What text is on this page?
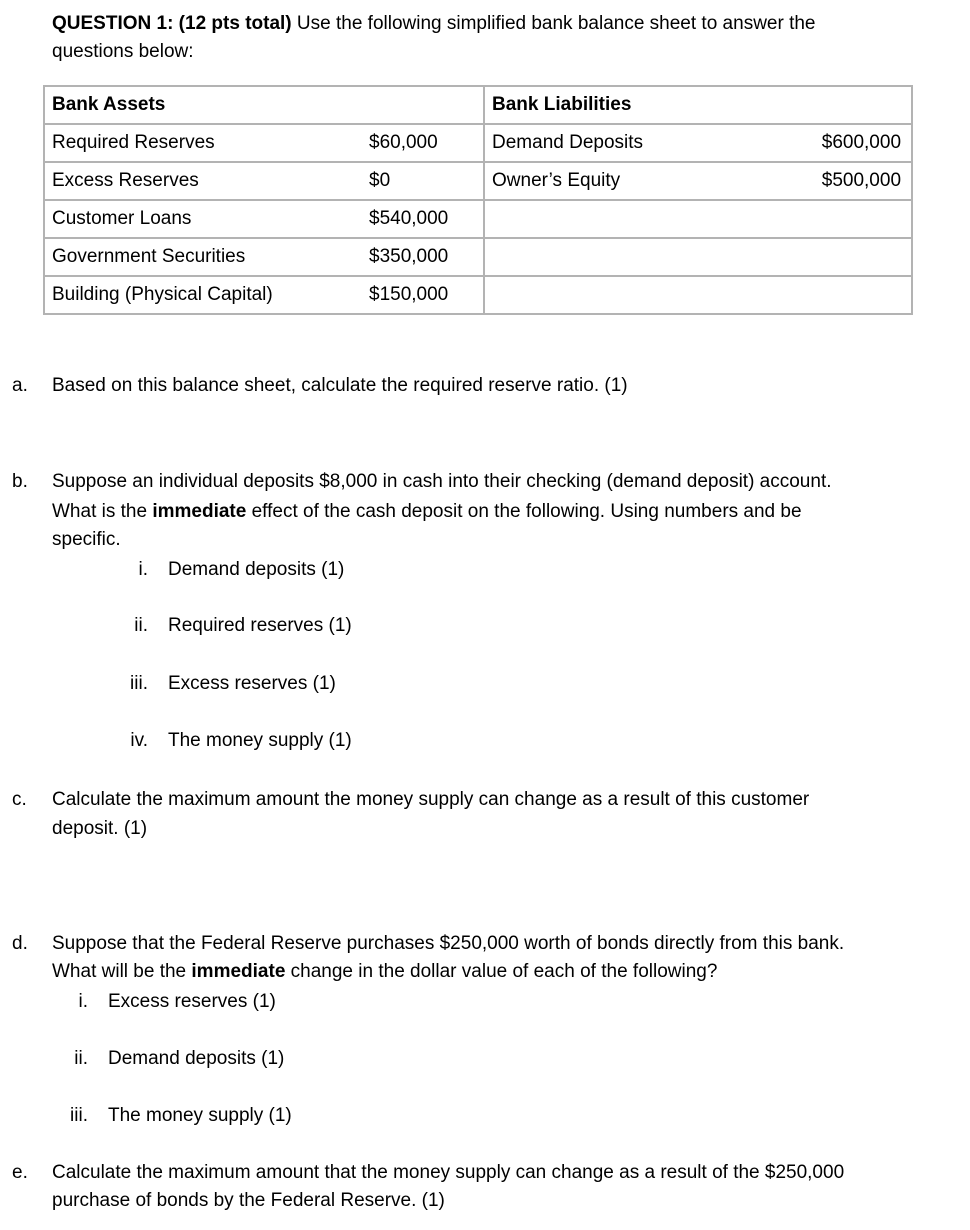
QUESTION 1: (12 pts total) Use the following simplified bank balance sheet to answer the
questions below:
Bank Assets		Bank Liabilities	
Required Reserves	$60,000	Demand Deposits	$600,000
Excess Reserves	$0	Owner’s Equity	$500,000
Customer Loans	$540,000		
Government Securities	$350,000		
Building (Physical Capital)	$150,000		
a. Based on this balance sheet, calculate the required reserve ratio. (1)
b. Suppose an individual deposits $8,000 in cash into their checking (demand deposit) account.
What is the immediate effect of the cash deposit on the following. Using numbers and be
specific.
i. Demand deposits (1)
ii. Required reserves (1)
iii. Excess reserves (1)
iv. The money supply (1)
c. Calculate the maximum amount the money supply can change as a result of this customer
deposit. (1)
d. Suppose that the Federal Reserve purchases $250,000 worth of bonds directly from this bank.
What will be the immediate change in the dollar value of each of the following?
i. Excess reserves (1)
ii. Demand deposits (1)
iii. The money supply (1)
e. Calculate the maximum amount that the money supply can change as a result of the $250,000
purchase of bonds by the Federal Reserve. (1)
